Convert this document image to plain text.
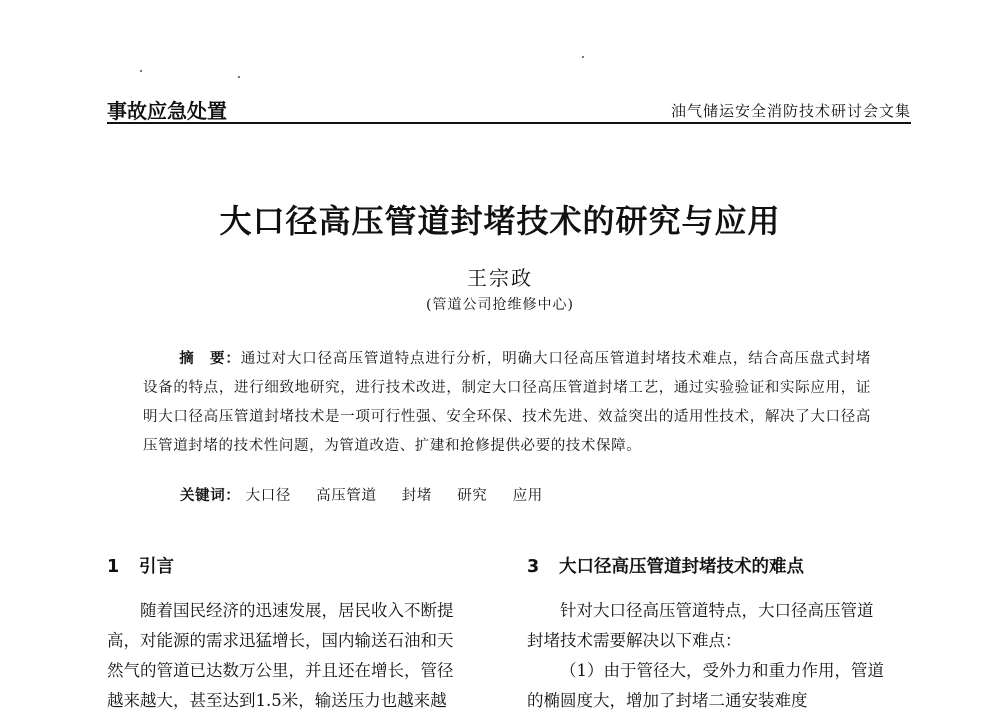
事故应急处置	油气储运安全消防技术研讨会文集
大口径高压管道封堵技术的研究与应用
王宗政
(管道公司抢维修中心)
摘　要：通过对大口径高压管道特点进行分析，明确大口径高压管道封堵技术难点，结合高压盘式封堵设备的特点，进行细致地研究，进行技术改进，制定大口径高压管道封堵工艺，通过实验验证和实际应用，证明大口径高压管道封堵技术是一项可行性强、安全环保、技术先进、效益突出的适用性技术，解决了大口径高压管道封堵的技术性问题，为管道改造、扩建和抢修提供必要的技术保障。
关键词： 大口径 高压管道 封堵 研究 应用
1 引言	3 大口径高压管道封堵技术的难点

随着国民经济的迅速发展，居民收入不断提

高，对能源的需求迅猛增长，国内输送石油和天

然气的管道已达数万公里，并且还在增长，管径

越来越大，甚至达到1.5米，输送压力也越来越

针对大口径高压管道特点，大口径高压管道

封堵技术需要解决以下难点：

（1）由于管径大，受外力和重力作用，管道

的椭圆度大，增加了封堵二通安装难度
